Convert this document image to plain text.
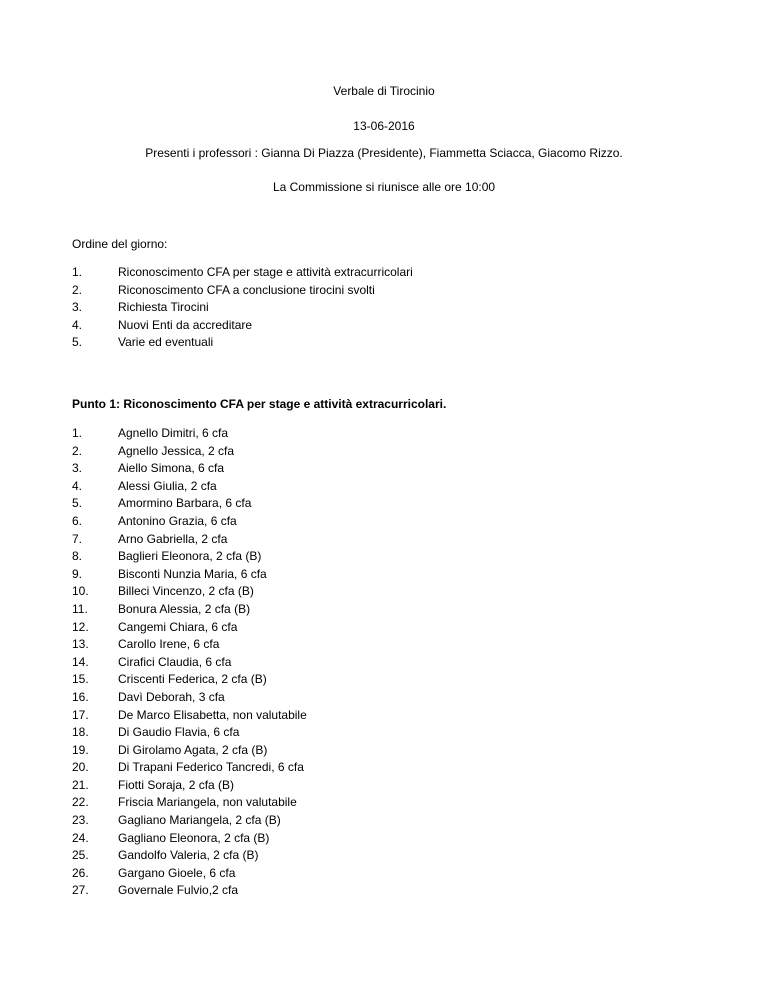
Verbale di Tirocinio
13-06-2016
Presenti i professori : Gianna Di Piazza (Presidente), Fiammetta Sciacca, Giacomo Rizzo.
La Commissione si riunisce alle ore 10:00
Ordine del giorno:
1.	Riconoscimento CFA per stage e attività extracurricolari
2.	Riconoscimento CFA a conclusione tirocini svolti
3.	Richiesta Tirocini
4.	Nuovi Enti da accreditare
5.	Varie ed eventuali
Punto 1: Riconoscimento CFA per stage e attività extracurricolari.
1.	Agnello Dimitri, 6 cfa
2.	Agnello Jessica, 2 cfa
3.	Aiello Simona, 6 cfa
4.	Alessi Giulia, 2 cfa
5.	Amormino Barbara, 6 cfa
6.	Antonino Grazia, 6 cfa
7.	Arno Gabriella, 2 cfa
8.	Baglieri Eleonora, 2 cfa (B)
9.	Bisconti Nunzia Maria, 6 cfa
10. Billeci Vincenzo, 2 cfa (B)
11.	Bonura Alessia, 2 cfa (B)
12. Cangemi Chiara, 6 cfa
13. Carollo Irene, 6 cfa
14. Cirafici Claudia, 6 cfa
15. Criscenti Federica, 2 cfa (B)
16. Davì Deborah, 3 cfa
17. De Marco Elisabetta, non valutabile
18. Di Gaudio Flavia, 6 cfa
19. Di Girolamo Agata, 2 cfa (B)
20. Di Trapani Federico Tancredi, 6 cfa
21. Fiotti Soraja, 2 cfa (B)
22. Friscia Mariangela, non valutabile
23. Gagliano Mariangela, 2 cfa (B)
24. Gagliano Eleonora, 2 cfa (B)
25. Gandolfo Valeria, 2 cfa (B)
26. Gargano Gioele, 6 cfa
27. Governale Fulvio,2 cfa
